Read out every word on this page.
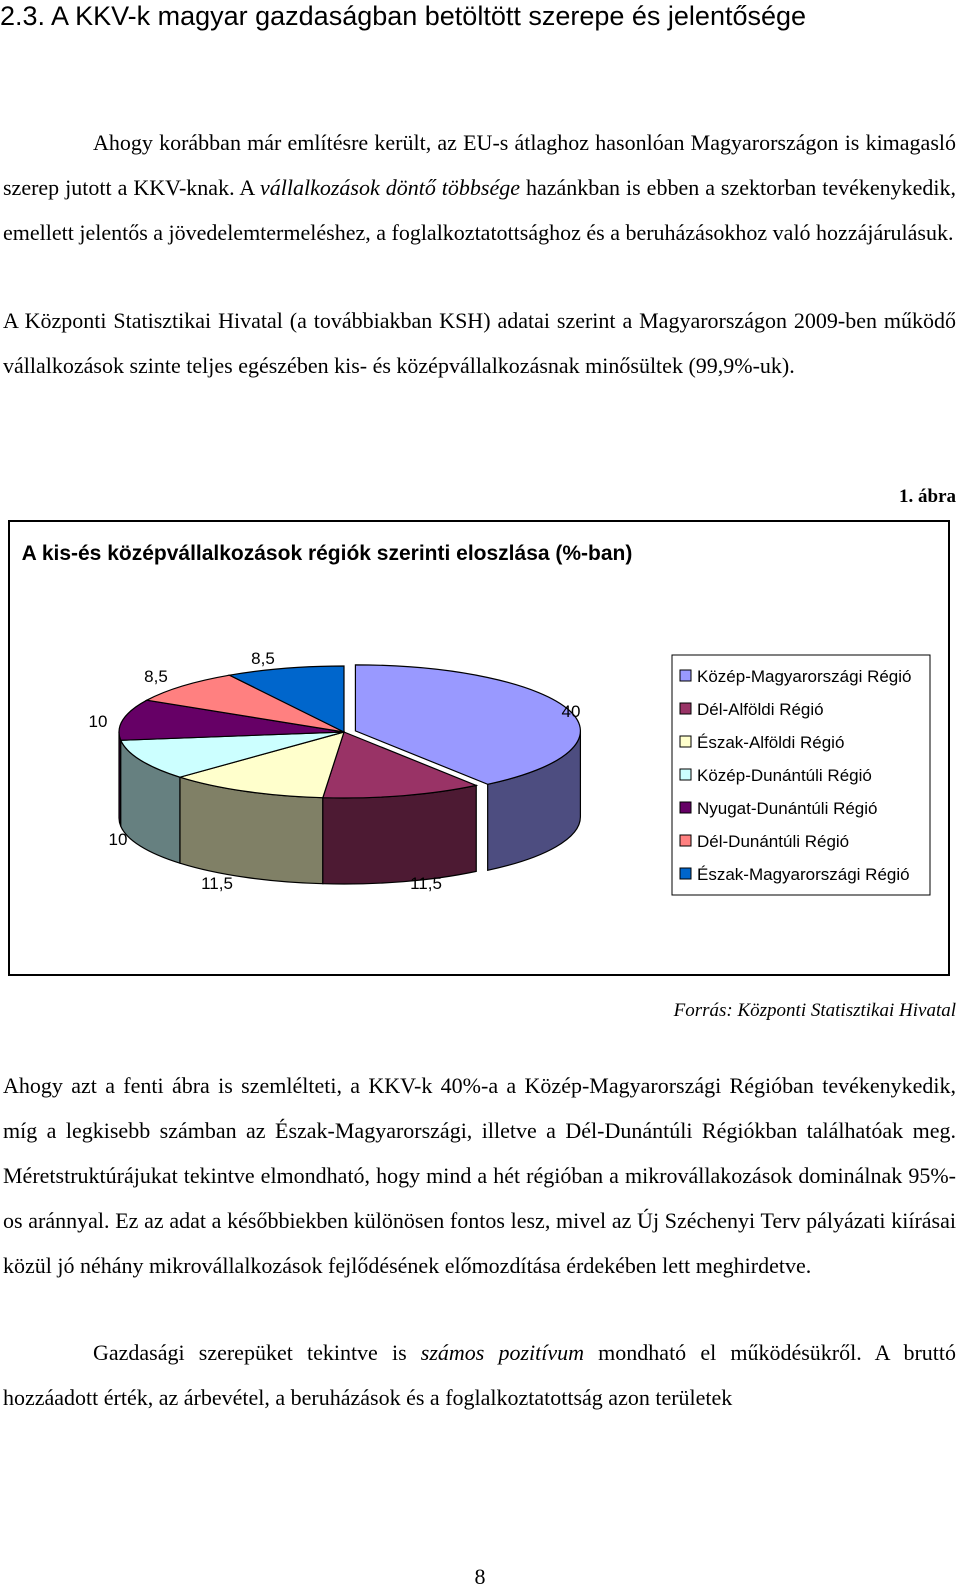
2.3. A KKV-k magyar gazdaságban betöltött szerepe és jelentősége

Ahogy korábban már említésre került, az EU-s átlaghoz hasonlóan Magyarországon is kimagasló szerep jutott a KKV-knak. A vállalkozások döntő többsége hazánkban is ebben a szektorban tevékenykedik, emellett jelentős a jövedelemtermeléshez, a foglalkoztatottsághoz és a beruházásokhoz való hozzájárulásuk.

A Központi Statisztikai Hivatal (a továbbiakban KSH) adatai szerint a Magyarországon 2009-ben működő vállalkozások szinte teljes egészében kis- és középvállalkozásnak minősültek (99,9%-uk).

1. ábra
A kis-és középvállalkozások régiók szerinti eloszlása (%-ban)
40
11,5
11,5
10
10
8,5
8,5
Közép-Magyarországi Régió
Dél-Alföldi Régió
Észak-Alföldi Régió
Közép-Dunántúli Régió
Nyugat-Dunántúli Régió
Dél-Dunántúli Régió
Észak-Magyarországi Régió
Forrás: Központi Statisztikai Hivatal

Ahogy azt a fenti ábra is szemlélteti, a KKV-k 40%-a a Közép-Magyarországi Régióban tevékenykedik, míg a legkisebb számban az Észak-Magyarországi, illetve a Dél-Dunántúli Régiókban találhatóak meg. Méretstruktúrájukat tekintve elmondható, hogy mind a hét régióban a mikrovállakozások dominálnak 95%-os aránnyal. Ez az adat a későbbiekben különösen fontos lesz, mivel az Új Széchenyi Terv pályázati kiírásai közül jó néhány mikrovállalkozások fejlődésének előmozdítása érdekében lett meghirdetve.

Gazdasági szerepüket tekintve is számos pozitívum mondható el működésükről. A bruttó hozzáadott érték, az árbevétel, a beruházások és a foglalkoztatottság azon területek

8
